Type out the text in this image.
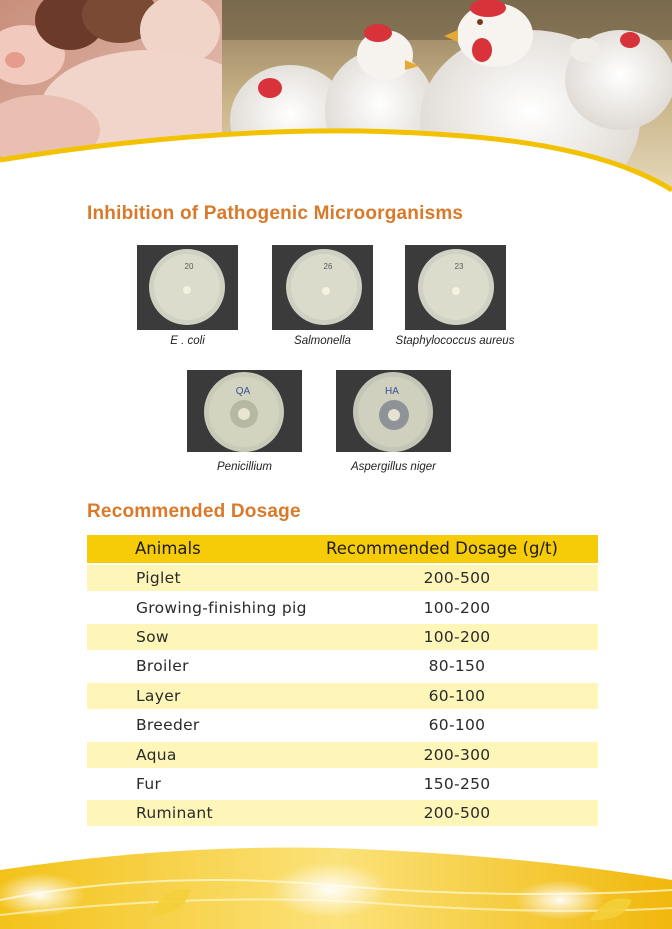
Inhibition of Pathogenic Microorganisms
20
E . coli
26
Salmonella
23
Staphylococcus aureus
QA
Penicillium
HA
Aspergillus niger
Recommended Dosage
Animals	Recommended Dosage (g/t)
Piglet	200-500
Growing-finishing pig	100-200
Sow	100-200
Broiler	80-150
Layer	60-100
Breeder	60-100
Aqua	200-300
Fur	150-250
Ruminant	200-500
